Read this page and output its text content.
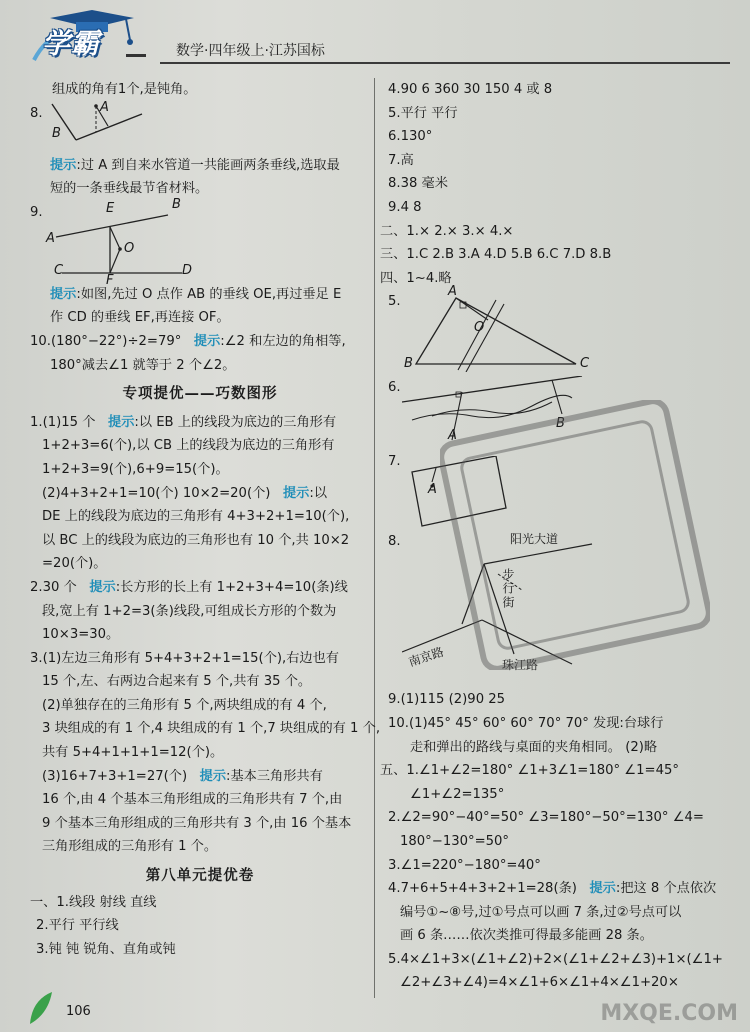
学霸	数学·四年级上·江苏国标
组成的角有1个,是钝角。
8.	A
B
提示:过 A 到自来水管道一共能画两条垂线,选取最
短的一条垂线最节省材料。
9.	E	B
A
O
C
F
D
提示:如图,先过 O 点作 AB 的垂线 OE,再过垂足 E
作 CD 的垂线 EF,再连接 OF。
10.(180°−22°)÷2=79° 提示:∠2 和左边的角相等,
180°减去∠1 就等于 2 个∠2。
专项提优——巧数图形
1.(1)15 个 提示:以 EB 上的线段为底边的三角形有
1+2+3=6(个),以 CB 上的线段为底边的三角形有
1+2+3=9(个),6+9=15(个)。
(2)4+3+2+1=10(个) 10×2=20(个) 提示:以
DE 上的线段为底边的三角形有 4+3+2+1=10(个),
以 BC 上的线段为底边的三角形也有 10 个,共 10×2
=20(个)。
2.30 个 提示:长方形的长上有 1+2+3+4=10(条)线
段,宽上有 1+2=3(条)线段,可组成长方形的个数为
10×3=30。
3.(1)左边三角形有 5+4+3+2+1=15(个),右边也有
15 个,左、右两边合起来有 5 个,共有 35 个。
(2)单独存在的三角形有 5 个,两块组成的有 4 个,
3 块组成的有 1 个,4 块组成的有 1 个,7 块组成的有 1 个,
共有 5+4+1+1+1=12(个)。
(3)16+7+3+1=27(个) 提示:基本三角形共有
16 个,由 4 个基本三角形组成的三角形共有 7 个,由
9 个基本三角形组成的三角形共有 3 个,由 16 个基本
三角形组成的三角形有 1 个。
第八单元提优卷
一、1.线段 射线 直线
2.平行 平行线
3.钝 钝 锐角、直角或钝
4.90 6 360 30 150 4 或 8
5.平行 平行
6.130°
7.高
8.38 毫米
9.4 8
二、1.× 2.× 3.× 4.×
三、1.C 2.B 3.A 4.D 5.B 6.C 7.D 8.B
四、1~4.略
5.
A
O
B	C
6.
A
B
7.
A
8.	阳光大道
步行街
南京路	珠江路
9.(1)115 (2)90 25
10.(1)45° 45° 60° 60° 70° 70° 发现:台球行
走和弹出的路线与桌面的夹角相同。 (2)略
五、1.∠1+∠2=180° ∠1+3∠1=180° ∠1=45°
∠1+∠2=135°
2.∠2=90°−40°=50° ∠3=180°−50°=130° ∠4=
180°−130°=50°
3.∠1=220°−180°=40°
4.7+6+5+4+3+2+1=28(条) 提示:把这 8 个点依次
编号①~⑧号,过①号点可以画 7 条,过②号点可以
画 6 条……依次类推可得最多能画 28 条。
5.4×∠1+3×(∠1+∠2)+2×(∠1+∠2+∠3)+1×(∠1+
∠2+∠3+∠4)=4×∠1+6×∠1+4×∠1+20×
106	MXQE.COM
